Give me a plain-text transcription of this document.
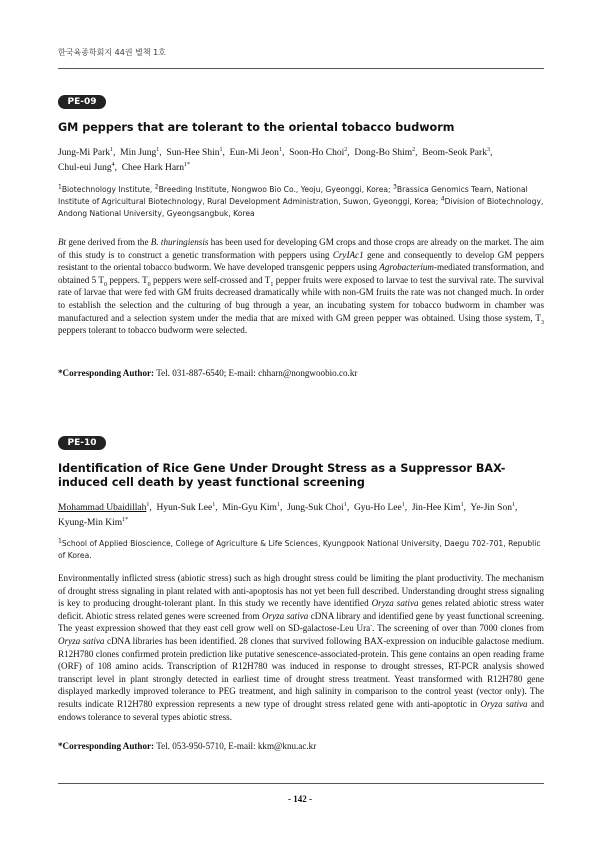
한국육종학회지 44권 별책 1호
PE-09
GM peppers that are tolerant to the oriental tobacco budworm
Jung-Mi Park$^1$,  Min Jung$^1$,  Sun-Hee Shin$^1$,  Eun-Mi Jeon$^1$,  Soon-Ho Choi$^2$,  Dong-Bo Shim$^2$,  Beom-Seok Park$^3$,
Chul-eui Jung$^4$,  Chee Hark Harn$^{1*}$
$^1$Biotechnology Institute, $^2$Breeding Institute, Nongwoo Bio Co., Yeoju, Gyeonggi, Korea; $^3$Brassica Genomics Team, National Institute of Agricultural Biotechnology, Rural Development Administration, Suwon, Gyeonggi, Korea; $^4$Division of Biotechnology, Andong National University, Gyeongsangbuk, Korea
Bt gene derived from the B. thuringiensis has been used for developing GM crops and those crops are already on the market. The aim of this study is to construct a genetic transformation with peppers using CryIAc1 gene and consequently to develop GM peppers resistant to the oriental tobacco budworm. We have developed transgenic peppers using Agrobacterium-mediated transformation, and obtained 5 $T_0$ peppers. $T_0$ peppers were self-crossed and $T_1$ pepper fruits were exposed to larvae to test the survival rate. The survival rate of larvae that were fed with GM fruits decreased dramatically while with non-GM fruits the rate was not changed much. In order to establish the selection and the culturing of bug through a year, an incubating system for tobacco budworm in chamber was manufactured and a selection system under the media that are mixed with GM green pepper was obtained. Using those system, $T_3$ peppers tolerant to tobacco budworm were selected.
*Corresponding Author: Tel. 031-887-6540; E-mail: chharn@nongwoobio.co.kr
PE-10
Identification of Rice Gene Under Drought Stress as a Suppressor BAX-induced cell death by yeast functional screening
Mohammad Ubaidillah$^1$,  Hyun-Suk Lee$^1$,  Min-Gyu Kim$^1$,  Jung-Suk Choi$^1$,  Gyu-Ho Lee$^1$,  Jin-Hee Kim$^1$,  Ye-Jin Son$^1$,
Kyung-Min Kim$^{1*}$
$^1$School of Applied Bioscience, College of Agriculture & Life Sciences, Kyungpook National University, Daegu 702-701, Republic of Korea.
Environmentally inflicted stress (abiotic stress) such as high drought stress could be limiting the plant productivity. The mechanism of drought stress signaling in plant related with anti-apoptosis has not yet been full described. Understanding drought stress signaling is key to producing drought-tolerant plant. In this study we recently have identified Oryza sativa genes related abiotic stress water deficit. Abiotic stress related genes were screened from Oryza sativa cDNA library and identified gene by yeast functional screening. The yeast expression showed that they east cell grow well on SD-galactose-Leu Ura-. The screening of over than 7000 clones from Oryza sativa cDNA libraries has been identified. 28 clones that survived following BAX-expression on inducible galactose medium. R12H780 clones confirmed protein prediction like putative senescence-associated-protein. This gene contains an open reading frame (ORF) of 108 amino acids. Transcription of R12H780 was induced in response to drought stresses, RT-PCR analysis showed transcript level in plant strongly detected in earliest time of drought stress treatment. Yeast transformed with R12H780 gene displayed markedly improved tolerance to PEG treatment, and high salinity in comparison to the control yeast (vector only). The results indicate R12H780 expression represents a new type of drought stress related gene with anti-apoptotic in Oryza sativa and endows tolerance to several types abiotic stress.
*Corresponding Author: Tel. 053-950-5710, E-mail: kkm@knu.ac.kr
- 142 -
